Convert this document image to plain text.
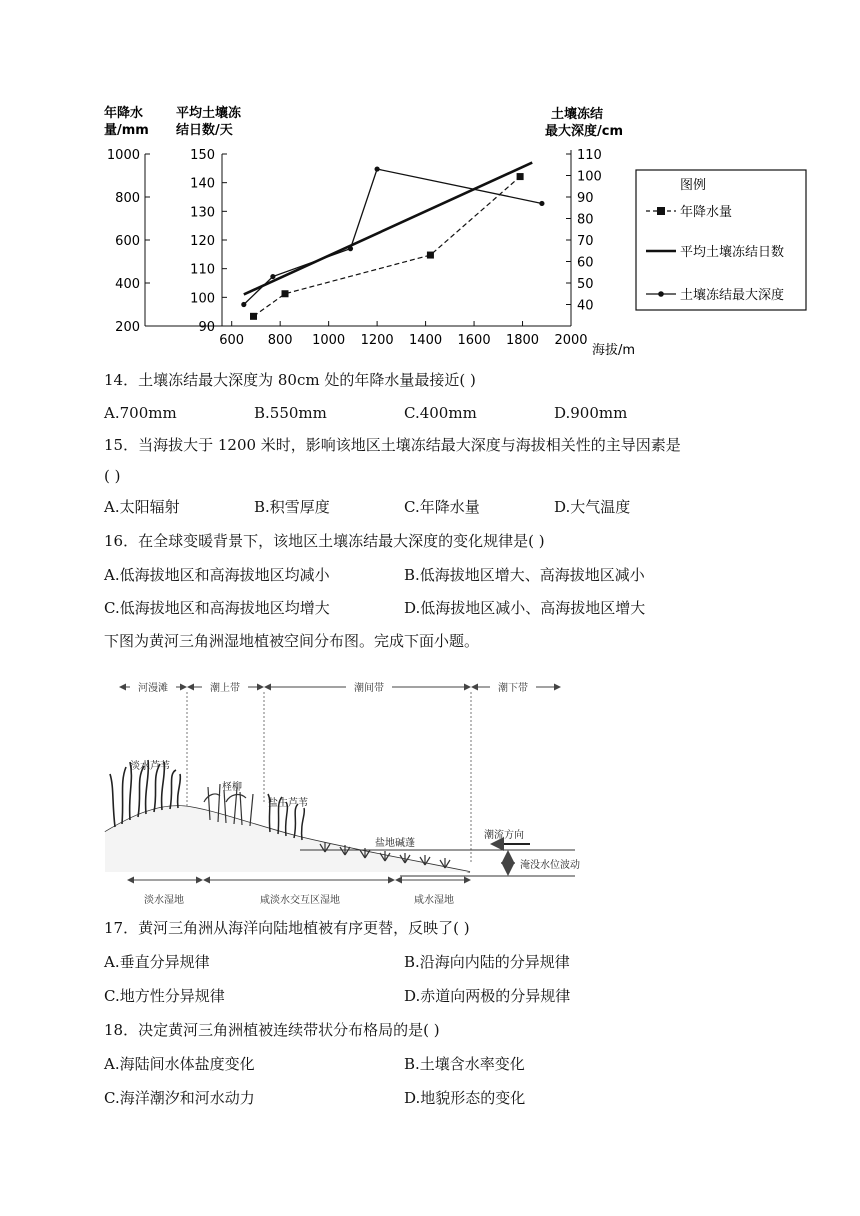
600 800 1000 1200 1400 1600 1800 2000
海拔/m
200
400
600
800
1000
年降水
量/mm
90
100
110
120
130
140
150
平均土壤冻
结日数/天
40
50
60
70
80
90
100
110
土壤冻结
最大深度/cm
图例
年降水量
平均土壤冻结日数
土壤冻结最大深度
14．土壤冻结最大深度为 80cm 处的年降水量最接近( )
A.700mm	B.550mm	C.400mm	D.900mm
15．当海拔大于 1200 米时，影响该地区土壤冻结最大深度与海拔相关性的主导因素是
( )
A.太阳辐射	B.积雪厚度	C.年降水量	D.大气温度
16．在全球变暖背景下，该地区土壤冻结最大深度的变化规律是( )
A.低海拔地区和高海拔地区均减小	B.低海拔地区增大、高海拔地区减小
C.低海拔地区和高海拔地区均增大	D.低海拔地区减小、高海拔地区增大
下图为黄河三角洲湿地植被空间分布图。完成下面小题。
河漫滩	潮上带	潮间带	潮下带
淡水芦苇
柽柳
盐生芦苇
盐地碱蓬
潮流方向
淹没水位波动
淡水湿地	咸淡水交互区湿地	咸水湿地
17．黄河三角洲从海洋向陆地植被有序更替，反映了( )
A.垂直分异规律	B.沿海向内陆的分异规律
C.地方性分异规律	D.赤道向两极的分异规律
18．决定黄河三角洲植被连续带状分布格局的是( )
A.海陆间水体盐度变化	B.土壤含水率变化
C.海洋潮汐和河水动力	D.地貌形态的变化
